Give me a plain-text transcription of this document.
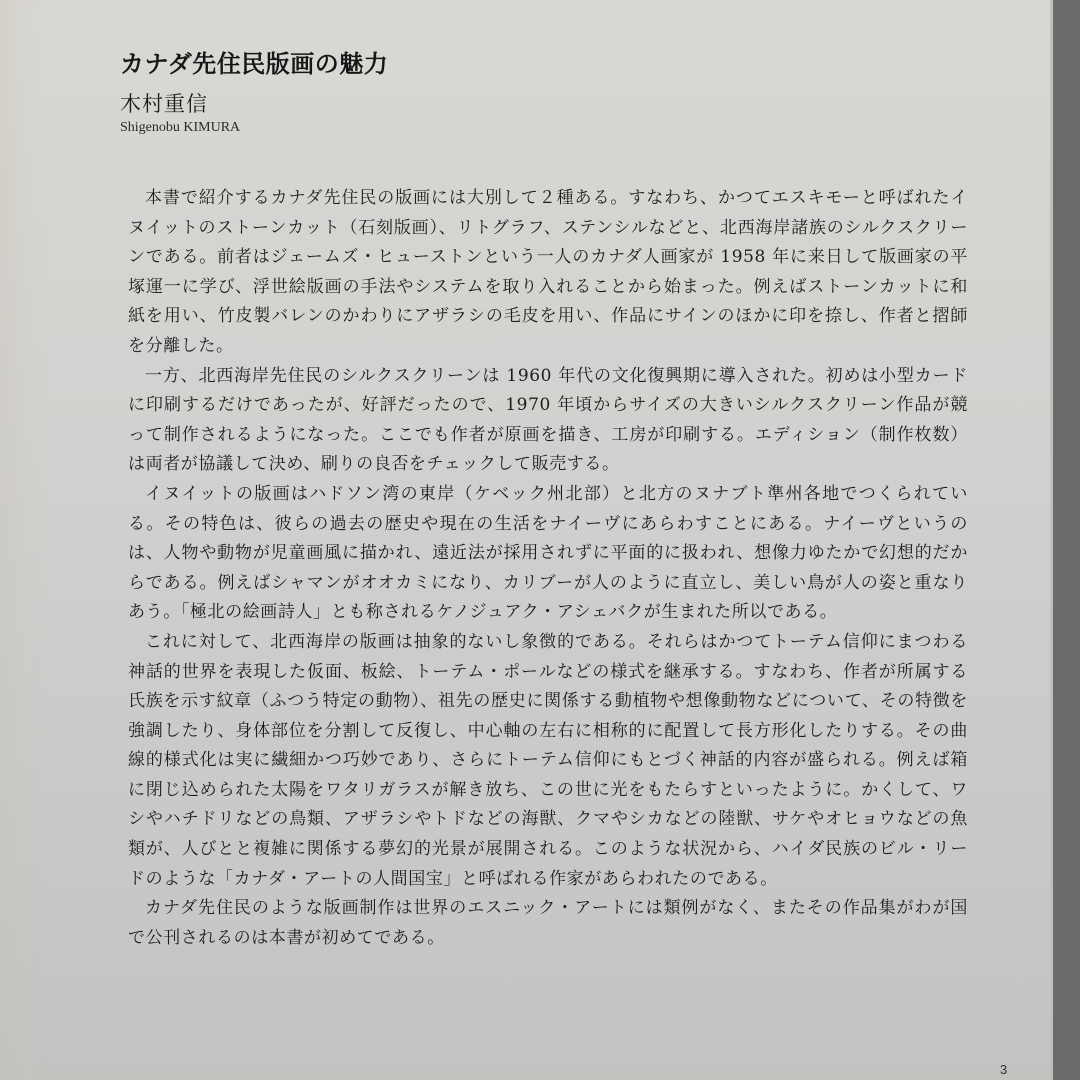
カナダ先住民版画の魅力
木村重信
Shigenobu KIMURA

本書で紹介するカナダ先住民の版画には大別して２種ある。すなわち、かつてエスキモーと呼ばれたイヌイットのストーンカット（石刻版画）、リトグラフ、ステンシルなどと、北西海岸諸族のシルクスクリーンである。前者はジェームズ・ヒューストンという一人のカナダ人画家が 1958 年に来日して版画家の平塚運一に学び、浮世絵版画の手法やシステムを取り入れることから始まった。例えばストーンカットに和紙を用い、竹皮製バレンのかわりにアザラシの毛皮を用い、作品にサインのほかに印を捺し、作者と摺師を分離した。

一方、北西海岸先住民のシルクスクリーンは 1960 年代の文化復興期に導入された。初めは小型カードに印刷するだけであったが、好評だったので、1970 年頃からサイズの大きいシルクスクリーン作品が競って制作されるようになった。ここでも作者が原画を描き、工房が印刷する。エディション（制作枚数）は両者が協議して決め、刷りの良否をチェックして販売する。

イヌイットの版画はハドソン湾の東岸（ケベック州北部）と北方のヌナブト準州各地でつくられている。その特色は、彼らの過去の歴史や現在の生活をナイーヴにあらわすことにある。ナイーヴというのは、人物や動物が児童画風に描かれ、遠近法が採用されずに平面的に扱われ、想像力ゆたかで幻想的だからである。例えばシャマンがオオカミになり、カリブーが人のように直立し、美しい鳥が人の姿と重なりあう。「極北の絵画詩人」とも称されるケノジュアク・アシェバクが生まれた所以である。

これに対して、北西海岸の版画は抽象的ないし象徴的である。それらはかつてトーテム信仰にまつわる神話的世界を表現した仮面、板絵、トーテム・ポールなどの様式を継承する。すなわち、作者が所属する氏族を示す紋章（ふつう特定の動物）、祖先の歴史に関係する動植物や想像動物などについて、その特徴を強調したり、身体部位を分割して反復し、中心軸の左右に相称的に配置して長方形化したりする。その曲線的様式化は実に繊細かつ巧妙であり、さらにトーテム信仰にもとづく神話的内容が盛られる。例えば箱に閉じ込められた太陽をワタリガラスが解き放ち、この世に光をもたらすといったように。かくして、ワシやハチドリなどの鳥類、アザラシやトドなどの海獣、クマやシカなどの陸獣、サケやオヒョウなどの魚類が、人びとと複雑に関係する夢幻的光景が展開される。このような状況から、ハイダ民族のビル・リードのような「カナダ・アートの人間国宝」と呼ばれる作家があらわれたのである。

カナダ先住民のような版画制作は世界のエスニック・アートには類例がなく、またその作品集がわが国で公刊されるのは本書が初めてである。

3
